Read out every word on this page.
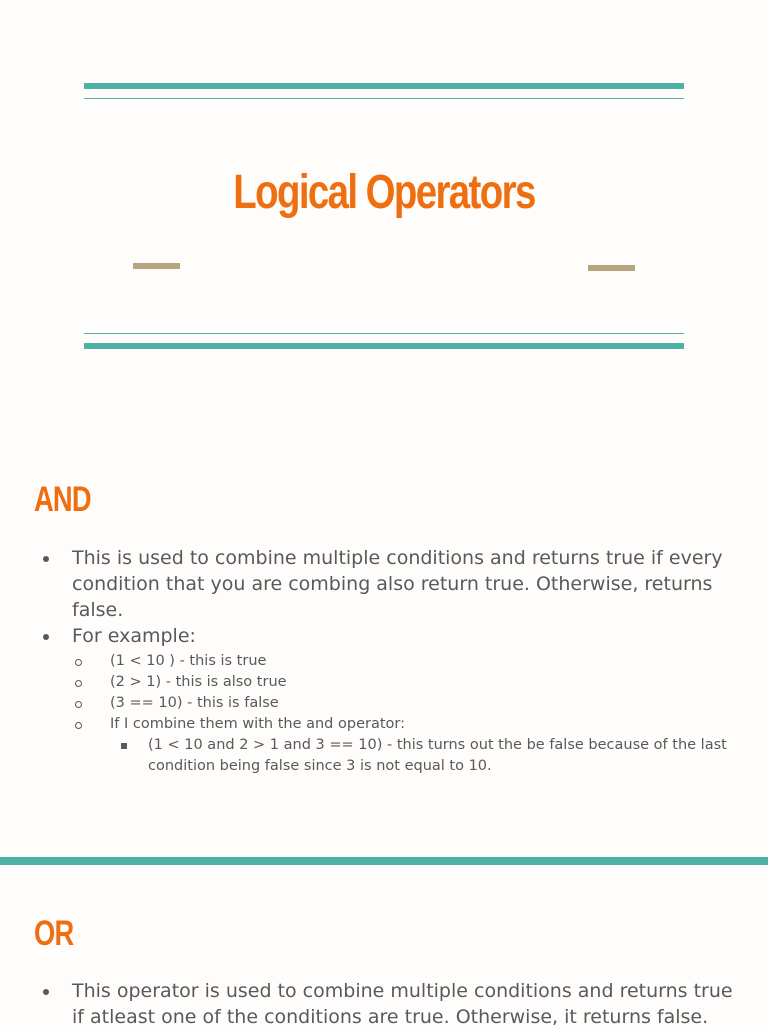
Logical Operators
AND
This is used to combine multiple conditions and returns true if every condition that you are combing also return true. Otherwise, returns false.
For example:
(1 < 10 ) - this is true
(2 > 1) - this is also true
(3 == 10) - this is false
If I combine them with the and operator:
(1 < 10 and 2 > 1 and 3 == 10) - this turns out the be false because of the last condition being false since 3 is not equal to 10.
OR
This operator is used to combine multiple conditions and returns true if atleast one of the conditions are true. Otherwise, it returns false.
